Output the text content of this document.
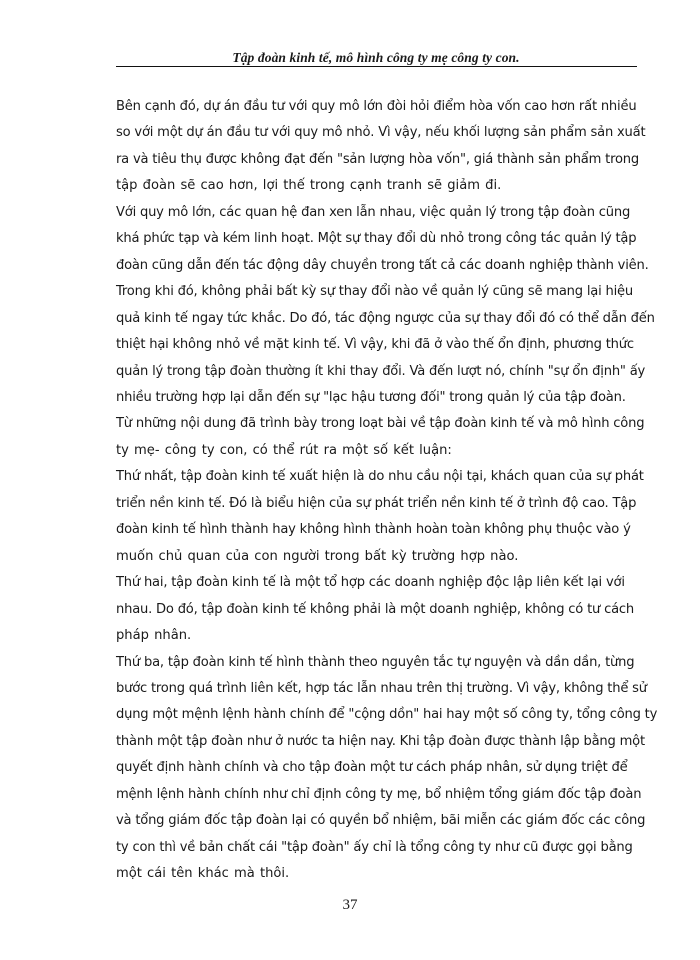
Tập đoàn kinh tế, mô hình công ty mẹ công ty con.
Bên cạnh đó, dự án đầu tư với quy mô lớn đòi hỏi điểm hòa vốn cao hơn rất nhiều
so với một dự án đầu tư với quy mô nhỏ. Vì vậy, nếu khối lượng sản phẩm sản xuất
ra và tiêu thụ được không đạt đến "sản lượng hòa vốn", giá thành sản phẩm trong
tập đoàn sẽ cao hơn, lợi thế trong cạnh tranh sẽ giảm đi.
Với quy mô lớn, các quan hệ đan xen lẫn nhau, việc quản lý trong tập đoàn cũng
khá phức tạp và kém linh hoạt. Một sự thay đổi dù nhỏ trong công tác quản lý tập
đoàn cũng dẫn đến tác động dây chuyền trong tất cả các doanh nghiệp thành viên.
Trong khi đó, không phải bất kỳ sự thay đổi nào về quản lý cũng sẽ mang lại hiệu
quả kinh tế ngay tức khắc. Do đó, tác động ngược của sự thay đổi đó có thể dẫn đến
thiệt hại không nhỏ về mặt kinh tế. Vì vậy, khi đã ở vào thế ổn định, phương thức
quản lý trong tập đoàn thường ít khi thay đổi. Và đến lượt nó, chính "sự ổn định" ấy
nhiều trường hợp lại dẫn đến sự "lạc hậu tương đối" trong quản lý của tập đoàn.
Từ những nội dung đã trình bày trong loạt bài về tập đoàn kinh tế và mô hình công
ty mẹ- công ty con, có thể rút ra một số kết luận:
Thứ nhất, tập đoàn kinh tế xuất hiện là do nhu cầu nội tại, khách quan của sự phát
triển nền kinh tế. Đó là biểu hiện của sự phát triển nền kinh tế ở trình độ cao. Tập
đoàn kinh tế hình thành hay không hình thành hoàn toàn không phụ thuộc vào ý
muốn chủ quan của con người trong bất kỳ trường hợp nào.
Thứ hai, tập đoàn kinh tế là một tổ hợp các doanh nghiệp độc lập liên kết lại với
nhau. Do đó, tập đoàn kinh tế không phải là một doanh nghiệp, không có tư cách
pháp nhân.
Thứ ba, tập đoàn kinh tế hình thành theo nguyên tắc tự nguyện và dần dần, từng
bước trong quá trình liên kết, hợp tác lẫn nhau trên thị trường. Vì vậy, không thể sử
dụng một mệnh lệnh hành chính để "cộng dồn" hai hay một số công ty, tổng công ty
thành một tập đoàn như ở nước ta hiện nay. Khi tập đoàn được thành lập bằng một
quyết định hành chính và cho tập đoàn một tư cách pháp nhân, sử dụng triệt để
mệnh lệnh hành chính như chỉ định công ty mẹ, bổ nhiệm tổng giám đốc tập đoàn
và tổng giám đốc tập đoàn lại có quyền bổ nhiệm, bãi miễn các giám đốc các công
ty con thì về bản chất cái "tập đoàn" ấy chỉ là tổng công ty như cũ được gọi bằng
một cái tên khác mà thôi.
37
